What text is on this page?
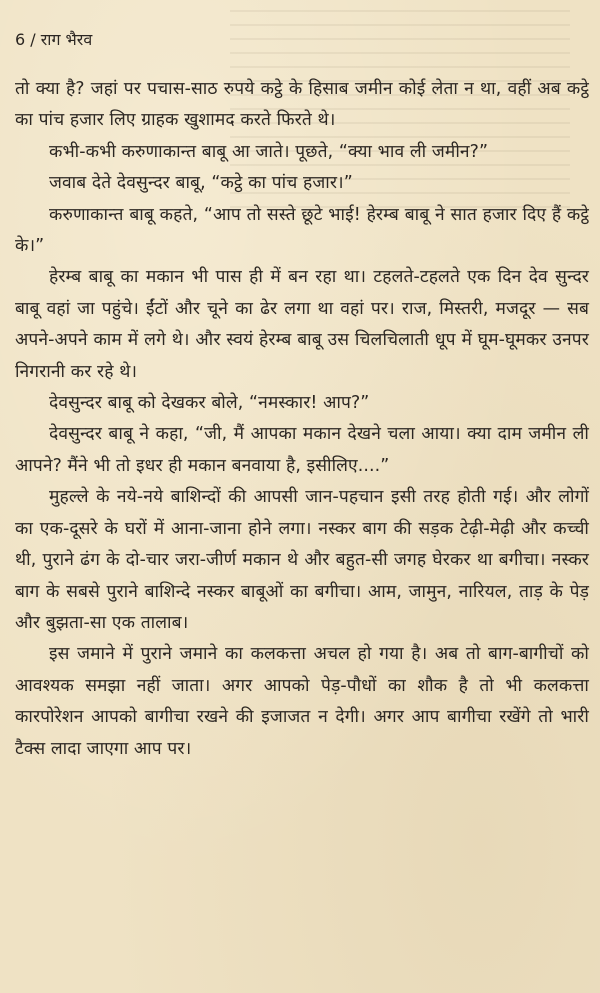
6 / राग भैरव

तो क्या है? जहां पर पचास-साठ रुपये कट्ठे के हिसाब जमीन कोई लेता न था, वहीं अब कट्ठे का पांच हजार लिए ग्राहक खुशामद करते फिरते थे।

कभी-कभी करुणाकान्त बाबू आ जाते। पूछते, “क्या भाव ली जमीन?”

जवाब देते देवसुन्दर बाबू, “कट्ठे का पांच हजार।”

करुणाकान्त बाबू कहते, “आप तो सस्ते छूटे भाई! हेरम्ब बाबू ने सात हजार दिए हैं कट्ठे के।”

हेरम्ब बाबू का मकान भी पास ही में बन रहा था। टहलते-टहलते एक दिन देव सुन्दर बाबू वहां जा पहुंचे। ईंटों और चूने का ढेर लगा था वहां पर। राज, मिस्तरी, मजदूर — सब अपने-अपने काम में लगे थे। और स्वयं हेरम्ब बाबू उस चिलचिलाती धूप में घूम-घूमकर उनपर निगरानी कर रहे थे।

देवसुन्दर बाबू को देखकर बोले, “नमस्कार! आप?”

देवसुन्दर बाबू ने कहा, “जी, मैं आपका मकान देखने चला आया। क्या दाम जमीन ली आपने? मैंने भी तो इधर ही मकान बनवाया है, इसीलिए....”

मुहल्ले के नये-नये बाशिन्दों की आपसी जान-पहचान इसी तरह होती गई। और लोगों का एक-दूसरे के घरों में आना-जाना होने लगा। नस्कर बाग की सड़क टेढ़ी-मेढ़ी और कच्ची थी, पुराने ढंग के दो-चार जरा-जीर्ण मकान थे और बहुत-सी जगह घेरकर था बगीचा। नस्कर बाग के सबसे पुराने बाशिन्दे नस्कर बाबूओं का बगीचा। आम, जामुन, नारियल, ताड़ के पेड़ और बुझता-सा एक तालाब।

इस जमाने में पुराने जमाने का कलकत्ता अचल हो गया है। अब तो बाग-बागीचों को आवश्यक समझा नहीं जाता। अगर आपको पेड़-पौधों का शौक है तो भी कलकत्ता कारपोरेशन आपको बागीचा रखने की इजाजत न देगी। अगर आप बागीचा रखेंगे तो भारी टैक्स लादा जाएगा आप पर।
